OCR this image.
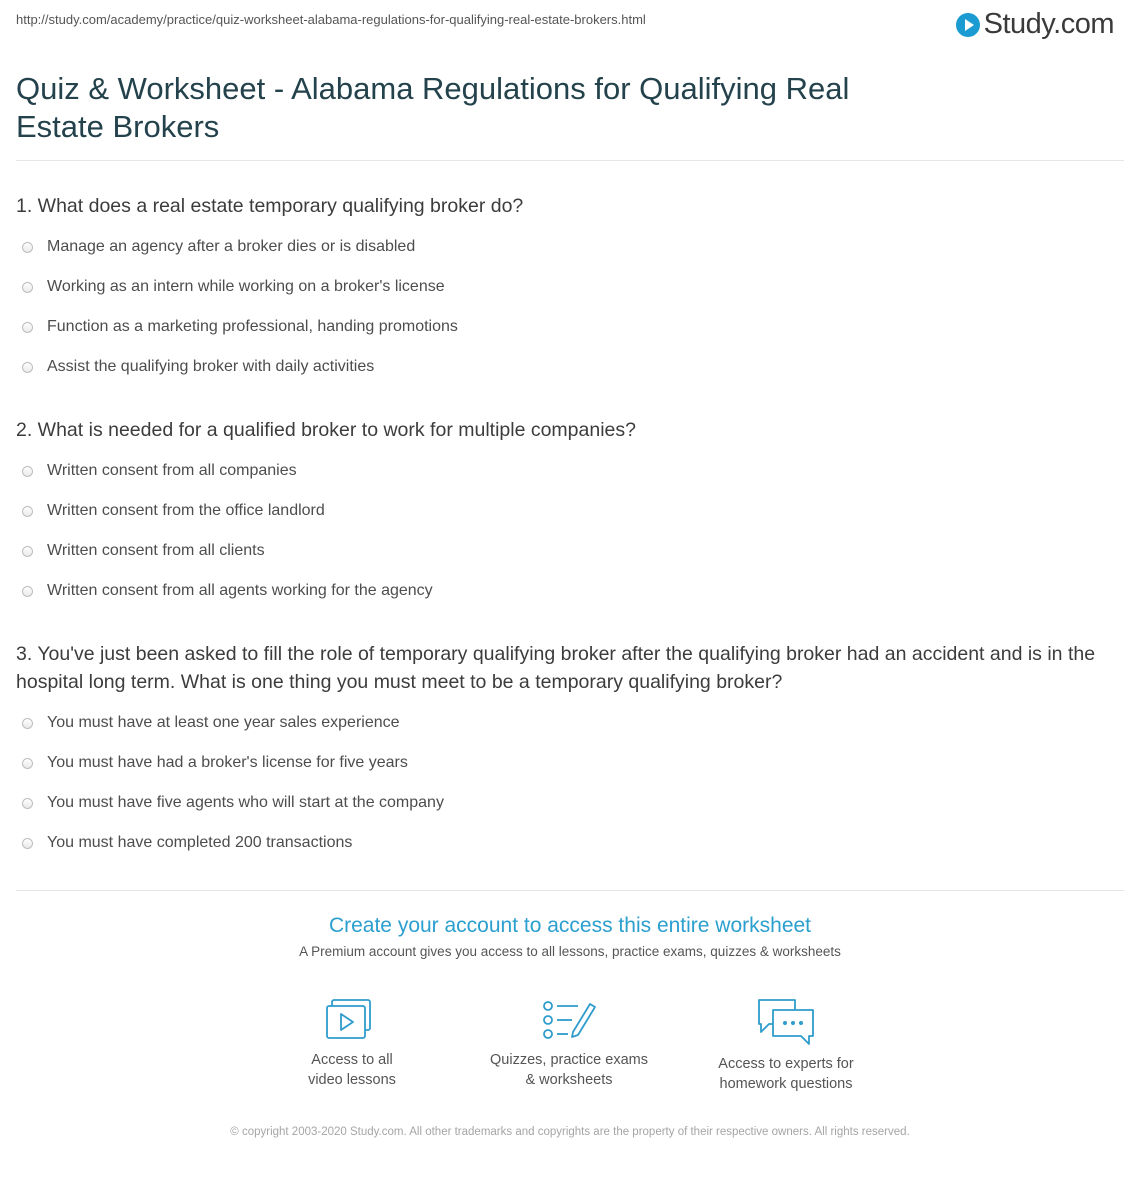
http://study.com/academy/practice/quiz-worksheet-alabama-regulations-for-qualifying-real-estate-brokers.html	Study.com
Quiz & Worksheet - Alabama Regulations for Qualifying Real Estate Brokers
1. What does a real estate temporary qualifying broker do?
Manage an agency after a broker dies or is disabled
Working as an intern while working on a broker's license
Function as a marketing professional, handing promotions
Assist the qualifying broker with daily activities
2. What is needed for a qualified broker to work for multiple companies?
Written consent from all companies
Written consent from the office landlord
Written consent from all clients
Written consent from all agents working for the agency
3. You've just been asked to fill the role of temporary qualifying broker after the qualifying broker had an accident and is in the hospital long term. What is one thing you must meet to be a temporary qualifying broker?
You must have at least one year sales experience
You must have had a broker's license for five years
You must have five agents who will start at the company
You must have completed 200 transactions
Create your account to access this entire worksheet
A Premium account gives you access to all lessons, practice exams, quizzes & worksheets
Access to all
video lessons
Quizzes, practice exams
& worksheets
Access to experts for
homework questions
© copyright 2003-2020 Study.com. All other trademarks and copyrights are the property of their respective owners. All rights reserved.
